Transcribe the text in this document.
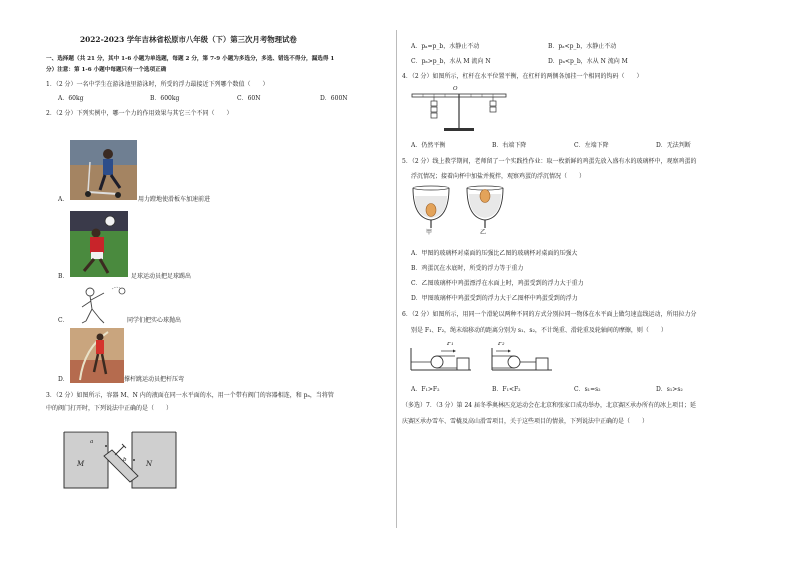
2022-2023 学年吉林省松原市八年级（下）第三次月考物理试卷
一、选择题（共 21 分，其中 1-6 小题为单选题，每题 2 分，第 7-9 小题为多选分，多选、错选不得分，漏选得 1
分）注意：第 1-6 小题中每题只有一个选项正确
1．（2 分）一名中学生在游泳池里游泳时，所受的浮力最接近下列哪个数值（　　）
A．60kg	B．600kg	C．60N	D．600N
2．（2 分）下列实例中，哪一个力的作用效果与其它三个不同（　　）
A．	用力蹬地使滑板车加速前进
B．	足球运动员把足球踢出
C．	同学们把实心球抛出
D．	撑杆跳运动员把杆压弯
3．（2 分）如图所示，容器 M、N 内的液面在同一水平面的水，用一个带有阀门的容器相连，和 pₐ，当将管
中的阀门打开时，下列说法中正确的是（　　）
M	N
a
b
A．pₐ=p_b，水静止不动	B．pₐ<p_b，水静止不动
C．pₐ>p_b，水从 M 流向 N	D．pₐ<p_b，水从 N 流向 M
4．（2 分）如图所示，杠杆在水平位置平衡，在杠杆的两侧各加挂一个相同的钩码（　　）
O
A．仍然平衡	B．右端下降	C．左端下降	D．无法判断
5．（2 分）线上教学期间，老师留了一个实践性作业：取一枚新鲜的鸡蛋先放入盛有水的玻璃杯中，观察鸡蛋的
浮沉情况；接着向杯中加盐并搅拌，观察鸡蛋的浮沉情况（　　）
甲	乙
A．甲图的玻璃杯对桌面的压强比乙图的玻璃杯对桌面的压强大
B．鸡蛋沉在水底时，所受的浮力等于重力
C．乙图玻璃杯中鸡蛋漂浮在水面上时，鸡蛋受到的浮力大于重力
D．甲图玻璃杯中鸡蛋受到的浮力大于乙图杯中鸡蛋受到的浮力
6．（2 分）如图所示，用同一个滑轮以两种不同的方式分别拉同一物体在水平面上做匀速直线运动，所用拉力分
别是 F₁、F₂，绳末端移动的距离分别为 s₁、s₂，不计绳重、滑轮重及轮轴间的摩擦，则（　　）
F₁	F₂
A．F₁>F₂	B．F₁<F₂	C．s₁=s₂	D．s₁>s₂
（多选）7．（3 分）第 24 届冬季奥林匹克运动会在北京和张家口成功举办，北京赛区承办所有的冰上项目；延
庆赛区承办雪车、雪橇及高山滑雪项目，关于这些项目的情景，下列说法中正确的是（　　）
